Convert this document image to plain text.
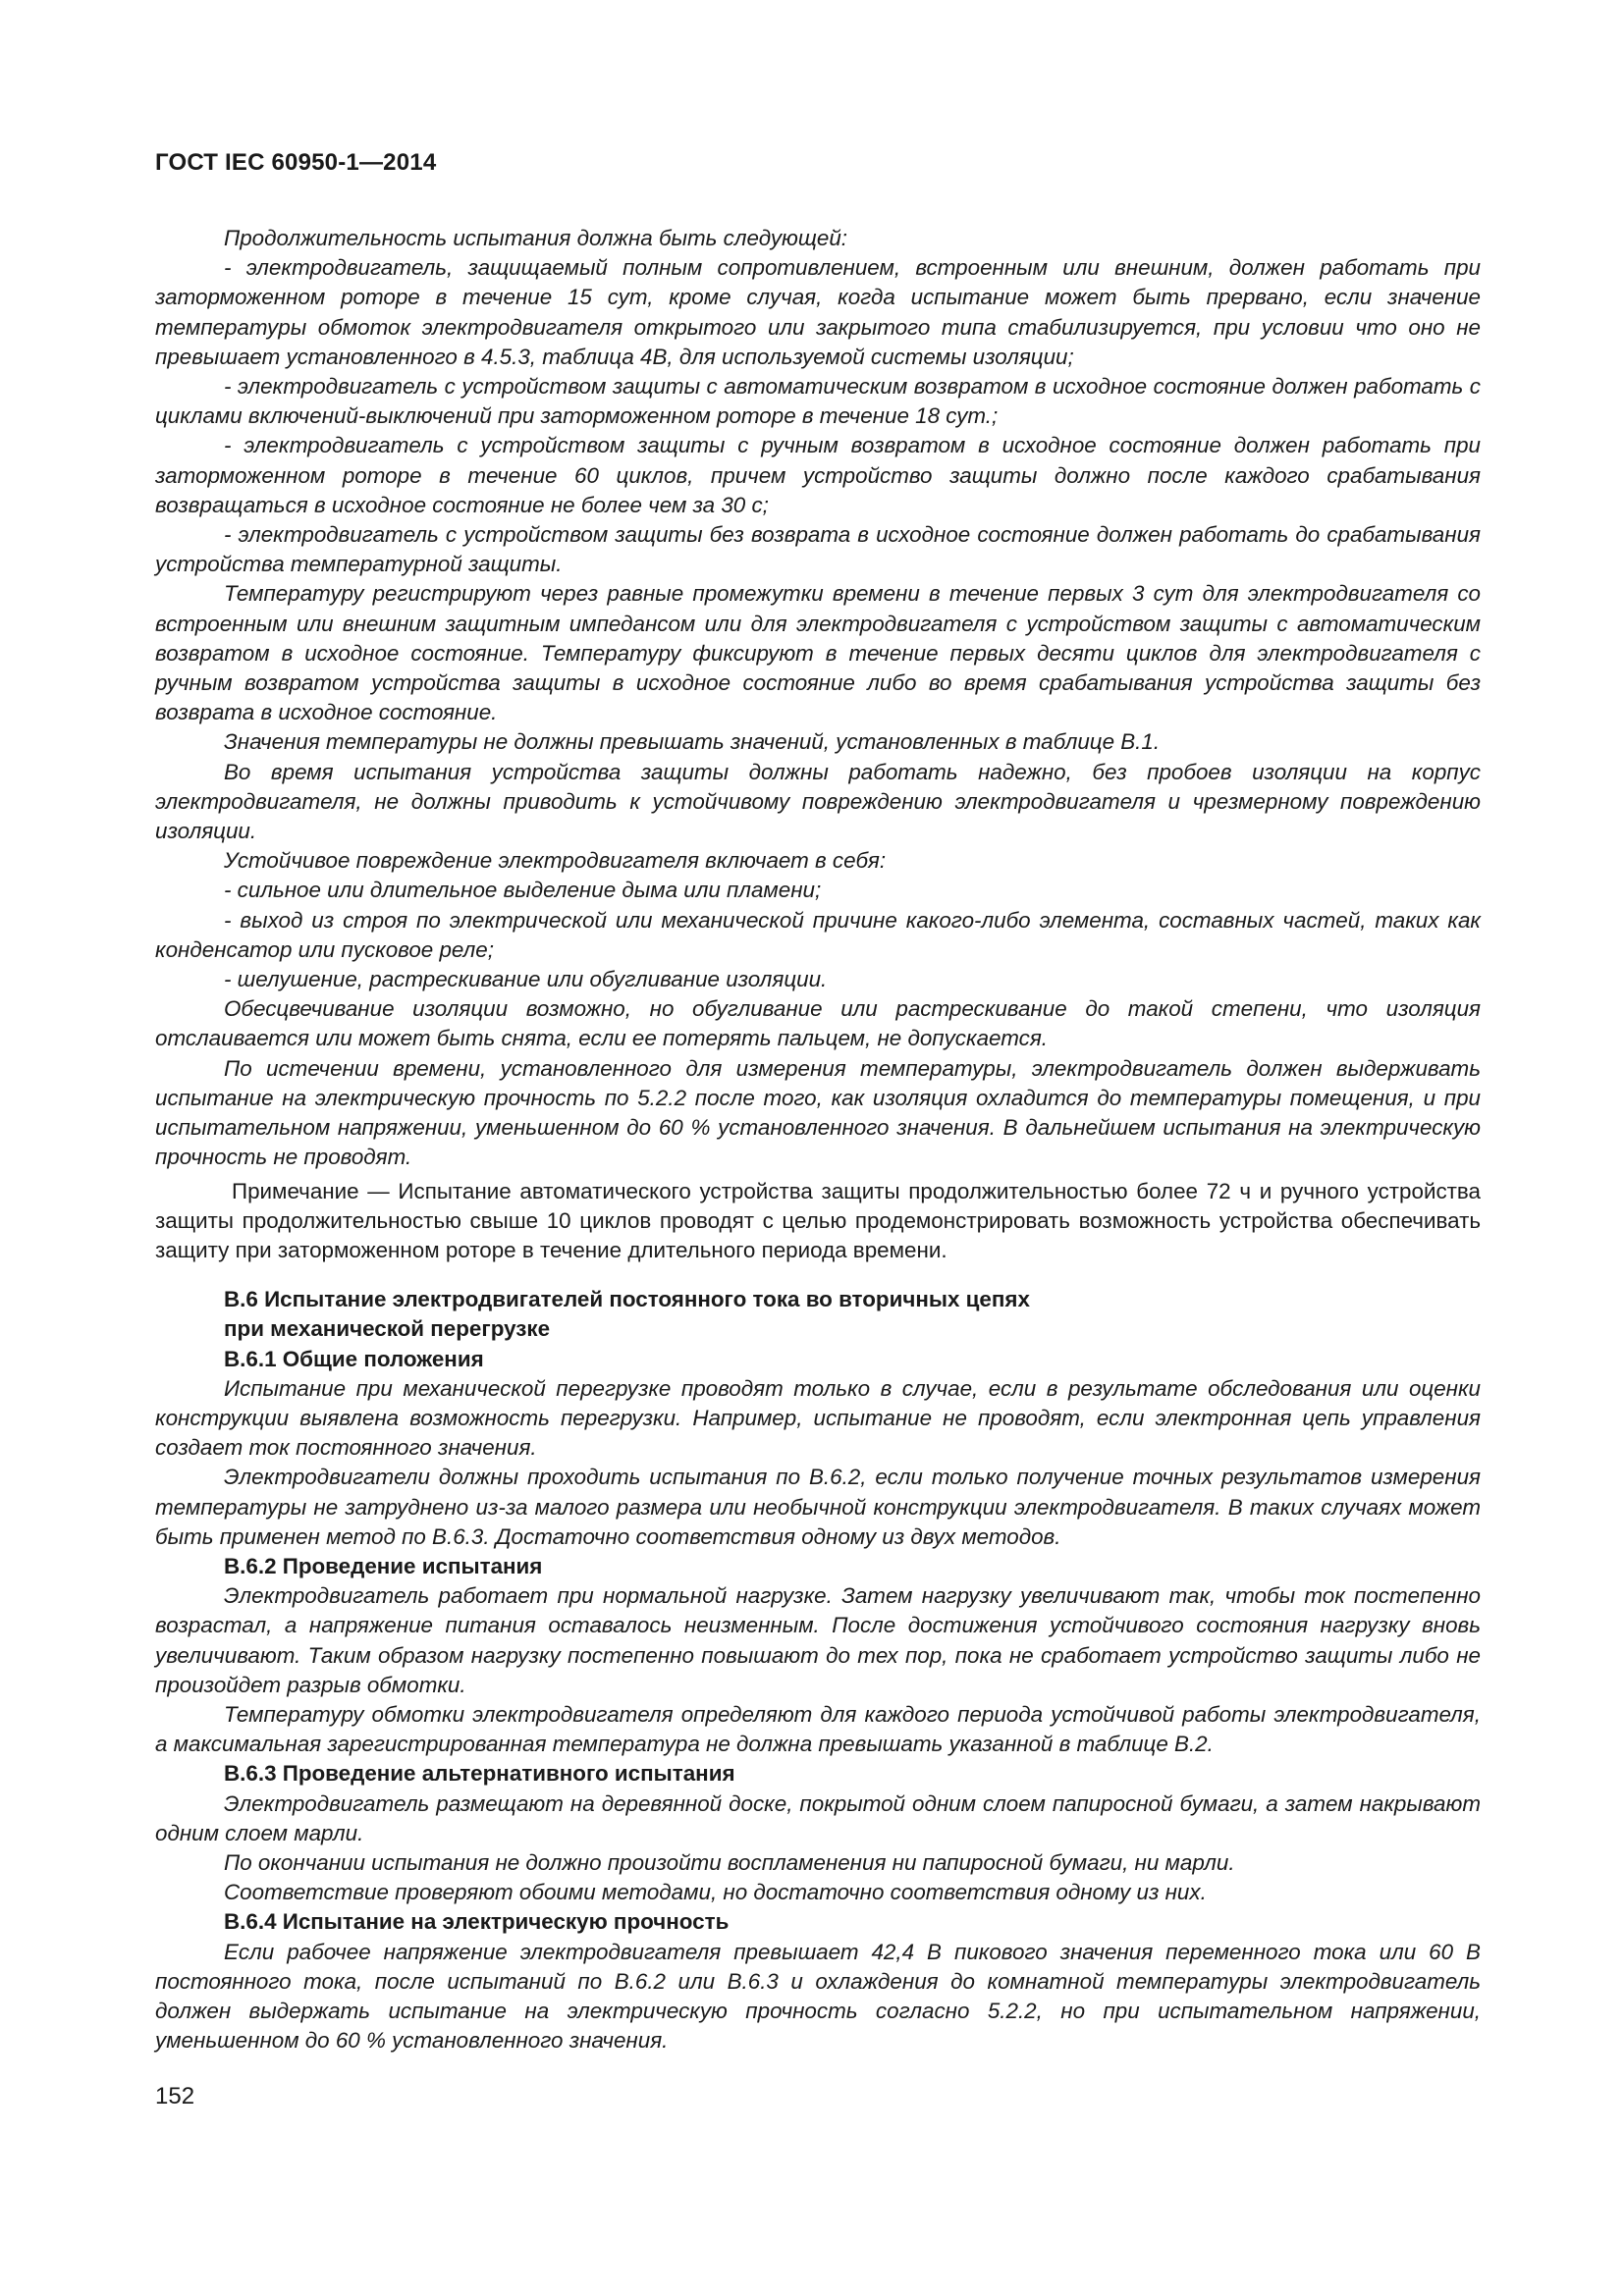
ГОСТ IEC 60950-1—2014

Продолжительность испытания должна быть следующей:

- электродвигатель, защищаемый полным сопротивлением, встроенным или внешним, должен работать при заторможенном роторе в течение 15 сут, кроме случая, когда испытание может быть прервано, если значение температуры обмоток электродвигателя открытого или закрытого типа стабилизируется, при условии что оно не превышает установленного в 4.5.3, таблица 4В, для используемой системы изоляции;

- электродвигатель с устройством защиты с автоматическим возвратом в исходное состояние должен работать с циклами включений-выключений при заторможенном роторе в течение 18 сут.;

- электродвигатель с устройством защиты с ручным возвратом в исходное состояние должен работать при заторможенном роторе в течение 60 циклов, причем устройство защиты должно после каждого срабатывания возвращаться в исходное состояние не более чем за 30 с;

- электродвигатель с устройством защиты без возврата в исходное состояние должен работать до срабатывания устройства температурной защиты.

Температуру регистрируют через равные промежутки времени в течение первых 3 сут для электродвигателя со встроенным или внешним защитным импедансом или для электродвигателя с устройством защиты с автоматическим возвратом в исходное состояние. Температуру фиксируют в течение первых десяти циклов для электродвигателя с ручным возвратом устройства защиты в исходное состояние либо во время срабатывания устройства защиты без возврата в исходное состояние.

Значения температуры не должны превышать значений, установленных в таблице В.1.

Во время испытания устройства защиты должны работать надежно, без пробоев изоляции на корпус электродвигателя, не должны приводить к устойчивому повреждению электродвигателя и чрезмерному повреждению изоляции.

Устойчивое повреждение электродвигателя включает в себя:

- сильное или длительное выделение дыма или пламени;

- выход из строя по электрической или механической причине какого-либо элемента, составных частей, таких как конденсатор или пусковое реле;

- шелушение, растрескивание или обугливание изоляции.

Обесцвечивание изоляции возможно, но обугливание или растрескивание до такой степени, что изоляция отслаивается или может быть снята, если ее потерять пальцем, не допускается.

По истечении времени, установленного для измерения температуры, электродвигатель должен выдерживать испытание на электрическую прочность по 5.2.2 после того, как изоляция охладится до температуры помещения, и при испытательном напряжении, уменьшенном до 60 % установленного значения. В дальнейшем испытания на электрическую прочность не проводят.

Примечание — Испытание автоматического устройства защиты продолжительностью более 72 ч и ручного устройства защиты продолжительностью свыше 10 циклов проводят с целью продемонстрировать возможность устройства обеспечивать защиту при заторможенном роторе в течение длительного периода времени.

В.6 Испытание электродвигателей постоянного тока во вторичных цепях
при механической перегрузке

В.6.1 Общие положения

Испытание при механической перегрузке проводят только в случае, если в результате обследования или оценки конструкции выявлена возможность перегрузки. Например, испытание не проводят, если электронная цепь управления создает ток постоянного значения.

Электродвигатели должны проходить испытания по В.6.2, если только получение точных результатов измерения температуры не затруднено из-за малого размера или необычной конструкции электродвигателя. В таких случаях может быть применен метод по В.6.3. Достаточно соответствия одному из двух методов.

В.6.2 Проведение испытания

Электродвигатель работает при нормальной нагрузке. Затем нагрузку увеличивают так, чтобы ток постепенно возрастал, а напряжение питания оставалось неизменным. После достижения устойчивого состояния нагрузку вновь увеличивают. Таким образом нагрузку постепенно повышают до тех пор, пока не сработает устройство защиты либо не произойдет разрыв обмотки.

Температуру обмотки электродвигателя определяют для каждого периода устойчивой работы электродвигателя, а максимальная зарегистрированная температура не должна превышать указанной в таблице В.2.

В.6.3 Проведение альтернативного испытания

Электродвигатель размещают на деревянной доске, покрытой одним слоем папиросной бумаги, а затем накрывают одним слоем марли.

По окончании испытания не должно произойти воспламенения ни папиросной бумаги, ни марли.

Соответствие проверяют обоими методами, но достаточно соответствия одному из них.

В.6.4 Испытание на электрическую прочность

Если рабочее напряжение электродвигателя превышает 42,4 В пикового значения переменного тока или 60 В постоянного тока, после испытаний по В.6.2 или В.6.3 и охлаждения до комнатной температуры электродвигатель должен выдержать испытание на электрическую прочность согласно 5.2.2, но при испытательном напряжении, уменьшенном до 60 % установленного значения.

152
